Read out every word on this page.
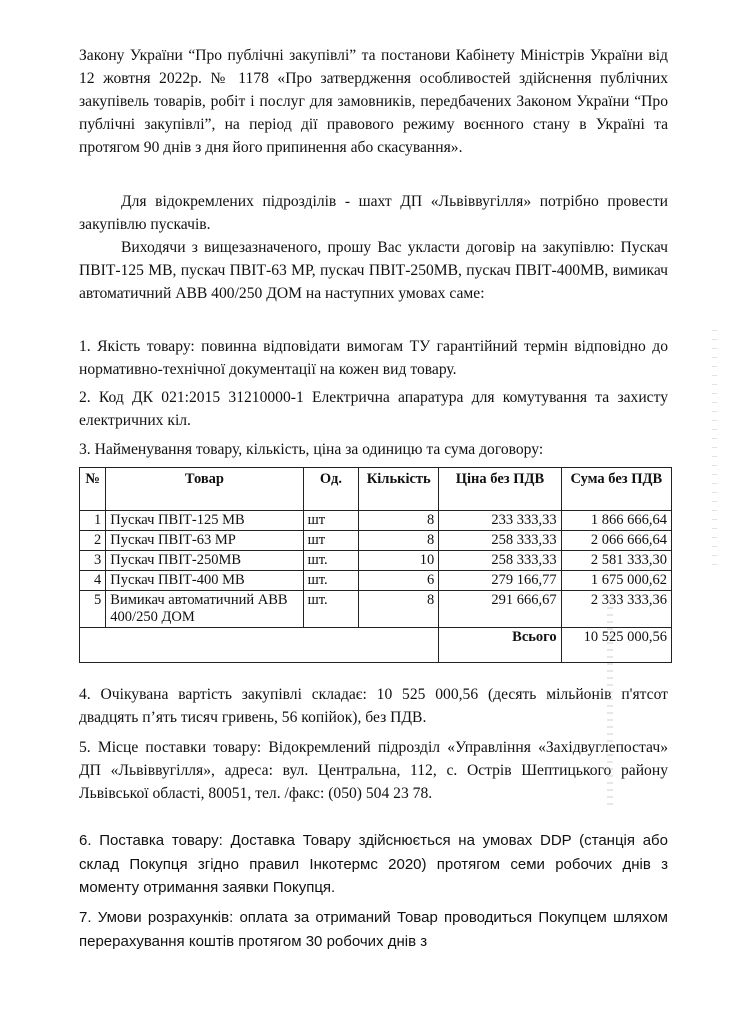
Закону України “Про публічні закупівлі” та постанови Кабінету Міністрів України від 12 жовтня 2022р. № 1178 «Про затвердження особливостей здійснення публічних закупівель товарів, робіт і послуг для замовників, передбачених Законом України “Про публічні закупівлі”, на період дії правового режиму воєнного стану в Україні та протягом 90 днів з дня його припинення або скасування».

Для відокремлених підрозділів - шахт ДП «Львіввугілля» потрібно провести закупівлю пускачів.

Виходячи з вищезазначеного, прошу Вас укласти договір на закупівлю: Пускач ПВІТ-125 МВ, пускач ПВІТ-63 МР, пускач ПВІТ-250МВ, пускач ПВІТ-400МВ, вимикач автоматичний АВВ 400/250 ДОМ на наступних умовах саме:

1. Якість товару: повинна відповідати вимогам ТУ гарантійний термін відповідно до нормативно-технічної документації на кожен вид товару.

2. Код ДК 021:2015 31210000-1 Електрична апаратура для комутування та захисту електричних кіл.

3. Найменування товару, кількість, ціна за одиницю та сума договору:

№	Товар	Од.	Кількість	Ціна без ПДВ	Сума без ПДВ
1	Пускач ПВІТ-125 МВ	шт	8	233 333,33	1 866 666,64
2	Пускач ПВІТ-63 МР	шт	8	258 333,33	2 066 666,64
3	Пускач ПВІТ-250МВ	шт.	10	258 333,33	2 581 333,30
4	Пускач ПВІТ-400 МВ	шт.	6	279 166,77	1 675 000,62
5	Вимикач автоматичний АВВ 400/250 ДОМ	шт.	8	291 666,67	2 333 333,36
				Всього	10 525 000,56

4. Очікувана вартість закупівлі складає: 10 525 000,56 (десять мільйонів п'ятсот двадцять п’ять тисяч гривень, 56 копійок), без ПДВ.

5. Місце поставки товару: Відокремлений підрозділ «Управління «Західвуглепостач» ДП «Львіввугілля», адреса: вул. Центральна, 112, с. Острів Шептицького району Львівської області, 80051, тел. /факс: (050) 504 23 78.

6. Поставка товару: Доставка Товару здійснюється на умовах DDP (станція або склад Покупця згідно правил Інкотермс 2020) протягом семи робочих днів з моменту отримання заявки Покупця.

7. Умови розрахунків: оплата за отриманий Товар проводиться Покупцем шляхом перерахування коштів протягом 30 робочих днів з
